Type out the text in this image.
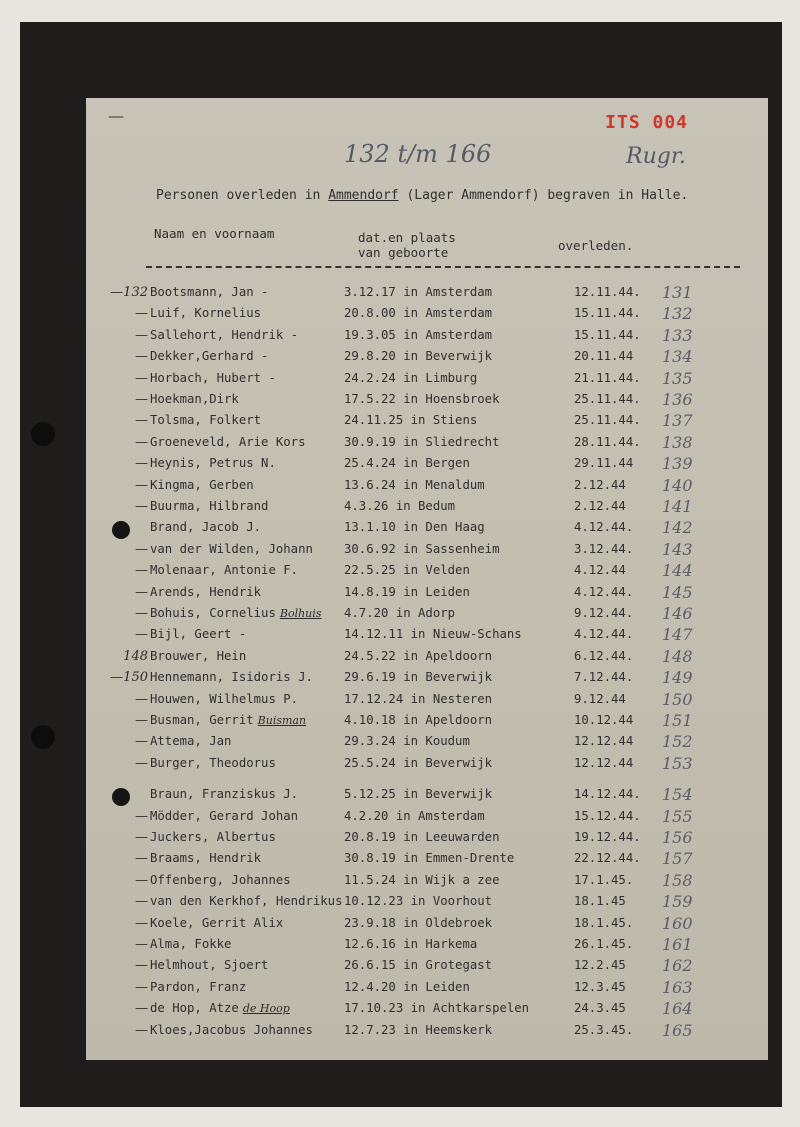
ITS 004
—
132 t/m 166	Rugr.
Personen overleden in Ammendorf (Lager Ammendorf) begraven in Halle.
Naam en voornaam	dat.en plaats
van geboorte	overleden.
—132 Bootsmann, Jan -	3.12.17 in Amsterdam	12.11.44. 131
— Luif, Kornelius	20.8.00 in Amsterdam	15.11.44. 132
— Sallehort, Hendrik -	19.3.05 in Amsterdam	15.11.44. 133
— Dekker,Gerhard -	29.8.20 in Beverwijk	20.11.44 134
— Horbach, Hubert -	24.2.24 in Limburg	21.11.44. 135
— Hoekman,Dirk	17.5.22 in Hoensbroek	25.11.44. 136
— Tolsma, Folkert	24.11.25 in Stiens	25.11.44. 137
— Groeneveld, Arie Kors	30.9.19 in Sliedrecht	28.11.44. 138
— Heynis, Petrus N.	25.4.24 in Bergen	29.11.44 139
— Kingma, Gerben	13.6.24 in Menaldum	2.12.44 140
— Buurma, Hilbrand	4.3.26 in Bedum	2.12.44 141
Brand, Jacob J.	13.1.10 in Den Haag	4.12.44. 142
— van der Wilden, Johann	30.6.92 in Sassenheim	3.12.44. 143
— Molenaar, Antonie F.	22.5.25 in Velden	4.12.44 144
— Arends, Hendrik	14.8.19 in Leiden	4.12.44. 145
— Bohuis, Cornelius Bolhuis 4.7.20 in Adorp	9.12.44. 146
— Bijl, Geert -	14.12.11 in Nieuw-Schans	4.12.44. 147
148 Brouwer, Hein	24.5.22 in Apeldoorn	6.12.44. 148
—150 Hennemann, Isidoris J.	29.6.19 in Beverwijk	7.12.44. 149
— Houwen, Wilhelmus P.	17.12.24 in Nesteren	9.12.44 150
— Busman, Gerrit Buisman	4.10.18 in Apeldoorn	10.12.44 151
— Attema, Jan	29.3.24 in Koudum	12.12.44 152
— Burger, Theodorus	25.5.24 in Beverwijk	12.12.44 153
Braun, Franziskus J.	5.12.25 in Beverwijk	14.12.44. 154
— Mödder, Gerard Johan	4.2.20 in Amsterdam	15.12.44. 155
— Juckers, Albertus	20.8.19 in Leeuwarden	19.12.44. 156
— Braams, Hendrik	30.8.19 in Emmen-Drente	22.12.44. 157
— Offenberg, Johannes	11.5.24 in Wijk a zee	17.1.45. 158
— van den Kerkhof, Hendrikus 10.12.23 in Voorhout	18.1.45 159
— Koele, Gerrit Alix	23.9.18 in Oldebroek	18.1.45. 160
— Alma, Fokke	12.6.16 in Harkema	26.1.45. 161
— Helmhout, Sjoert	26.6.15 in Grotegast	12.2.45 162
— Pardon, Franz	12.4.20 in Leiden	12.3.45 163
— de Hop, Atze de Hoop	17.10.23 in Achtkarspelen	24.3.45 164
— Kloes,Jacobus Johannes	12.7.23 in Heemskerk	25.3.45. 165
